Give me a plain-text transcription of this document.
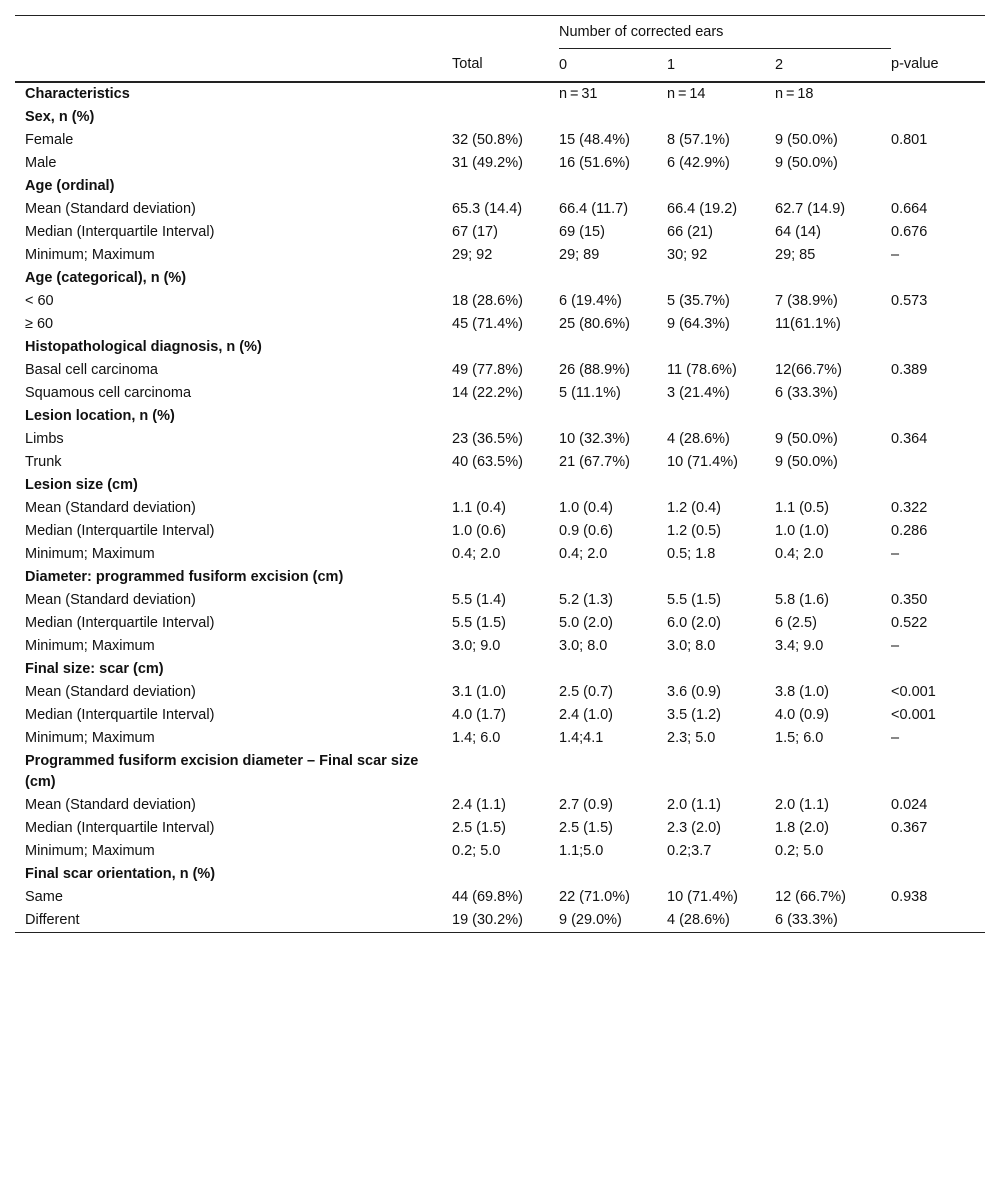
		Number of corrected ears			
	Total	0	1	2	p-value
Characteristics		n = 31	n = 14	n = 18	
Sex, n (%)					
Female	32 (50.8%)	15 (48.4%)	8 (57.1%)	9 (50.0%)	0.801
Male	31 (49.2%)	16 (51.6%)	6 (42.9%)	9 (50.0%)	
Age (ordinal)					
Mean (Standard deviation)	65.3 (14.4)	66.4 (11.7)	66.4 (19.2)	62.7 (14.9)	0.664
Median (Interquartile Interval)	67 (17)	69 (15)	66 (21)	64 (14)	0.676
Minimum; Maximum	29; 92	29; 89	30; 92	29; 85	–
Age (categorical), n (%)					
< 60	18 (28.6%)	6 (19.4%)	5 (35.7%)	7 (38.9%)	0.573
≥ 60	45 (71.4%)	25 (80.6%)	9 (64.3%)	11(61.1%)	
Histopathological diagnosis, n (%)					
Basal cell carcinoma	49 (77.8%)	26 (88.9%)	11 (78.6%)	12(66.7%)	0.389
Squamous cell carcinoma	14 (22.2%)	5 (11.1%)	3 (21.4%)	6 (33.3%)	
Lesion location, n (%)					
Limbs	23 (36.5%)	10 (32.3%)	4 (28.6%)	9 (50.0%)	0.364
Trunk	40 (63.5%)	21 (67.7%)	10 (71.4%)	9 (50.0%)	
Lesion size (cm)					
Mean (Standard deviation)	1.1 (0.4)	1.0 (0.4)	1.2 (0.4)	1.1 (0.5)	0.322
Median (Interquartile Interval)	1.0 (0.6)	0.9 (0.6)	1.2 (0.5)	1.0 (1.0)	0.286
Minimum; Maximum	0.4; 2.0	0.4; 2.0	0.5; 1.8	0.4; 2.0	–
Diameter: programmed fusiform excision (cm)					
Mean (Standard deviation)	5.5 (1.4)	5.2 (1.3)	5.5 (1.5)	5.8 (1.6)	0.350
Median (Interquartile Interval)	5.5 (1.5)	5.0 (2.0)	6.0 (2.0)	6 (2.5)	0.522
Minimum; Maximum	3.0; 9.0	3.0; 8.0	3.0; 8.0	3.4; 9.0	–
Final size: scar (cm)					
Mean (Standard deviation)	3.1 (1.0)	2.5 (0.7)	3.6 (0.9)	3.8 (1.0)	<0.001
Median (Interquartile Interval)	4.0 (1.7)	2.4 (1.0)	3.5 (1.2)	4.0 (0.9)	<0.001
Minimum; Maximum	1.4; 6.0	1.4;4.1	2.3; 5.0	1.5; 6.0	–
Programmed fusiform excision diameter – Final scar size (cm)					
Mean (Standard deviation)	2.4 (1.1)	2.7 (0.9)	2.0 (1.1)	2.0 (1.1)	0.024
Median (Interquartile Interval)	2.5 (1.5)	2.5 (1.5)	2.3 (2.0)	1.8 (2.0)	0.367
Minimum; Maximum	0.2; 5.0	1.1;5.0	0.2;3.7	0.2; 5.0	
Final scar orientation, n (%)					
Same	44 (69.8%)	22 (71.0%)	10 (71.4%)	12 (66.7%)	0.938
Different	19 (30.2%)	9 (29.0%)	4 (28.6%)	6 (33.3%)	
